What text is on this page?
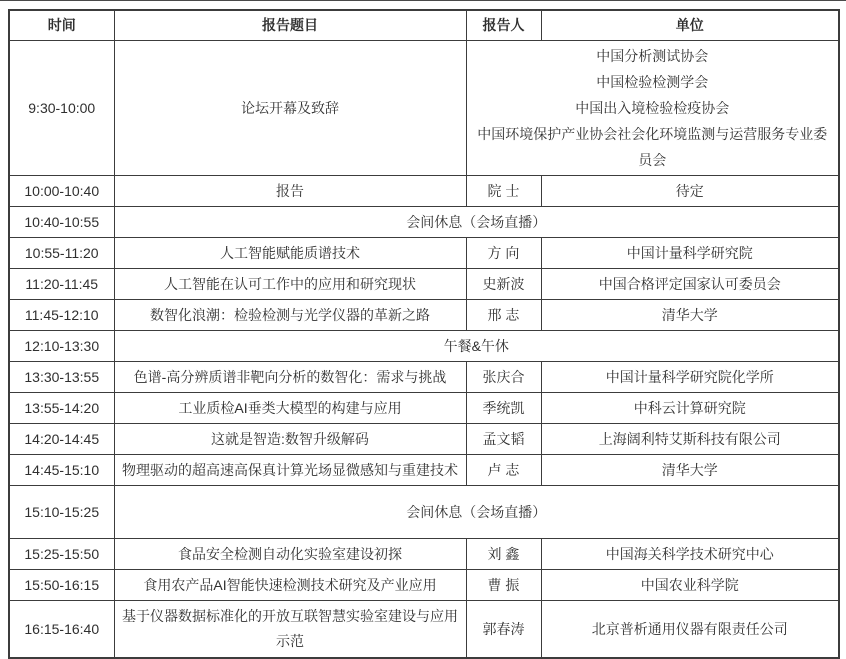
时间	报告题目	报告人	单位
9:30-10:00	论坛开幕及致辞	中国分析测试协会
中国检验检测学会
中国出入境检验检疫协会
中国环境保护产业协会社会化环境监测与运营服务专业委员会	

10:00-10:40	报告	院 士	待定
10:40-10:55	会间休息（会场直播）		
10:55-11:20	人工智能赋能质谱技术	方 向	中国计量科学研究院
11:20-11:45	人工智能在认可工作中的应用和研究现状	史新波	中国合格评定国家认可委员会
11:45-12:10	数智化浪潮：检验检测与光学仪器的革新之路	邢 志	清华大学
12:10-13:30	午餐&午休		
13:30-13:55	色谱-高分辨质谱非靶向分析的数智化：需求与挑战	张庆合	中国计量科学研究院化学所
13:55-14:20	工业质检AI垂类大模型的构建与应用	季统凯	中科云计算研究院
14:20-14:45	这就是智造:数智升级解码	孟文韬	上海阔利特艾斯科技有限公司
14:45-15:10	物理驱动的超高速高保真计算光场显微感知与重建技术	卢 志	清华大学
15:10-15:25	会间休息（会场直播）		
15:25-15:50	食品安全检测自动化实验室建设初探	刘 鑫	中国海关科学技术研究中心
15:50-16:15	食用农产品AI智能快速检测技术研究及产业应用	曹 振	中国农业科学院
16:15-16:40	基于仪器数据标准化的开放互联智慧实验室建设与应用示范	郭春涛	北京普析通用仪器有限责任公司
